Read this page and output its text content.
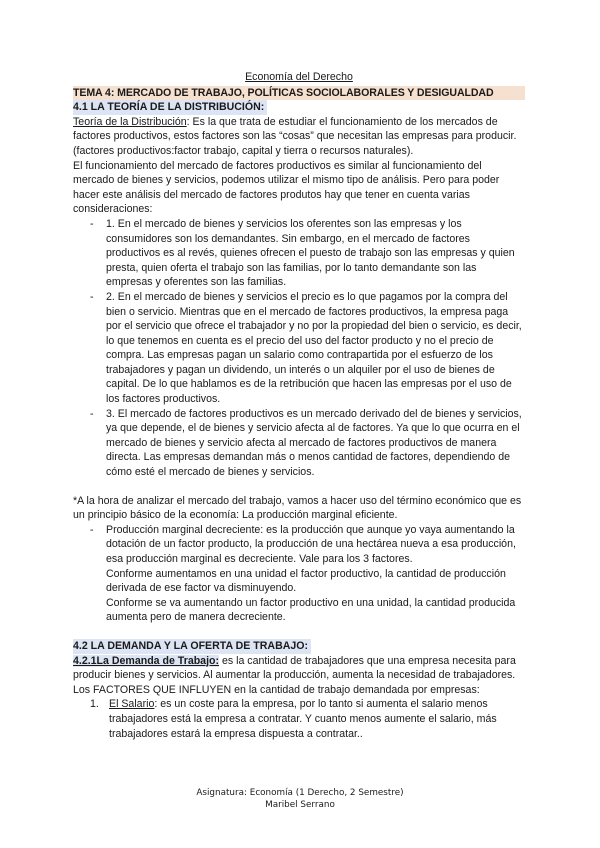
Economía del Derecho
TEMA 4: MERCADO DE TRABAJO, POLÍTICAS SOCIOLABORALES Y DESIGUALDAD
4.1 LA TEORÍA DE LA DISTRIBUCIÓN:

Teoría de la Distribución: Es la que trata de estudiar el funcionamiento de los mercados de factores productivos, estos factores son las “cosas” que necesitan las empresas para producir. (factores productivos:factor trabajo, capital y tierra o recursos naturales).

El funcionamiento del mercado de factores productivos es similar al funcionamiento del mercado de bienes y servicios, podemos utilizar el mismo tipo de análisis. Pero para poder hacer este análisis del mercado de factores produtos hay que tener en cuenta varias consideraciones:

- 1. En el mercado de bienes y servicios los oferentes son las empresas y los consumidores son los demandantes. Sin embargo, en el mercado de factores productivos es al revés, quienes ofrecen el puesto de trabajo son las empresas y quien presta, quien oferta el trabajo son las familias, por lo tanto demandante son las empresas y oferentes son las familias.
- 2. En el mercado de bienes y servicios el precio es lo que pagamos por la compra del bien o servicio. Mientras que en el mercado de factores productivos, la empresa paga por el servicio que ofrece el trabajador y no por la propiedad del bien o servicio, es decir, lo que tenemos en cuenta es el precio del uso del factor producto y no el precio de compra. Las empresas pagan un salario como contrapartida por el esfuerzo de los trabajadores y pagan un dividendo, un interés o un alquiler por el uso de bienes de capital. De lo que hablamos es de la retribución que hacen las empresas por el uso de los factores productivos.
- 3. El mercado de factores productivos es un mercado derivado del de bienes y servicios, ya que depende, el de bienes y servicio afecta al de factores. Ya que lo que ocurra en el mercado de bienes y servicio afecta al mercado de factores productivos de manera directa. Las empresas demandan más o menos cantidad de factores, dependiendo de cómo esté el mercado de bienes y servicios.

*A la hora de analizar el mercado del trabajo, vamos a hacer uso del término económico que es un principio básico de la economía: La producción marginal eficiente.

- Producción marginal decreciente: es la producción que aunque yo vaya aumentando la dotación de un factor producto, la producción de una hectárea nueva a esa producción, esa producción marginal es decreciente. Vale para los 3 factores.
Conforme aumentamos en una unidad el factor productivo, la cantidad de producción derivada de ese factor va disminuyendo.
Conforme se va aumentando un factor productivo en una unidad, la cantidad producida aumenta pero de manera decreciente.
4.2 LA DEMANDA Y LA OFERTA DE TRABAJO:

4.2.1La Demanda de Trabajo: es la cantidad de trabajadores que una empresa necesita para producir bienes y servicios. Al aumentar la producción, aumenta la necesidad de trabajadores.

Los FACTORES QUE INFLUYEN en la cantidad de trabajo demandada por empresas:

1. El Salario: es un coste para la empresa, por lo tanto si aumenta el salario menos trabajadores está la empresa a contratar. Y cuanto menos aumente el salario, más trabajadores estará la empresa dispuesta a contratar..
Asignatura: Economía (1 Derecho, 2 Semestre)
Maribel Serrano
